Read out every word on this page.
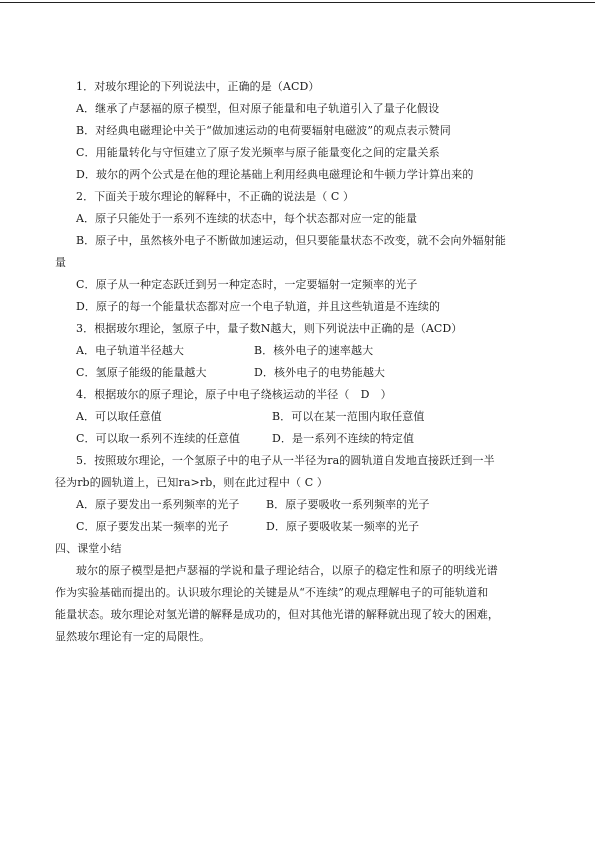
1．对玻尔理论的下列说法中，正确的是（ACD）
A．继承了卢瑟福的原子模型，但对原子能量和电子轨道引入了量子化假设
B．对经典电磁理论中关于“做加速运动的电荷要辐射电磁波”的观点表示赞同
C．用能量转化与守恒建立了原子发光频率与原子能量变化之间的定量关系
D．玻尔的两个公式是在他的理论基础上利用经典电磁理论和牛顿力学计算出来的
2．下面关于玻尔理论的解释中，不正确的说法是（ C ）
A．原子只能处于一系列不连续的状态中，每个状态都对应一定的能量
B．原子中，虽然核外电子不断做加速运动，但只要能量状态不改变，就不会向外辐射能
量
C．原子从一种定态跃迁到另一种定态时，一定要辐射一定频率的光子
D．原子的每一个能量状态都对应一个电子轨道，并且这些轨道是不连续的
3．根据玻尔理论，氢原子中，量子数N越大，则下列说法中正确的是（ACD）
A．电子轨道半径越大	B．核外电子的速率越大
C．氢原子能级的能量越大	D．核外电子的电势能越大
4．根据玻尔的原子理论，原子中电子绕核运动的半径（　D　）
A．可以取任意值	B．可以在某一范围内取任意值
C．可以取一系列不连续的任意值	D．是一系列不连续的特定值
5．按照玻尔理论，一个氢原子中的电子从一半径为ra的圆轨道自发地直接跃迁到一半
径为rb的圆轨道上，已知ra>rb，则在此过程中（ C ）
A．原子要发出一系列频率的光子 B．原子要吸收一系列频率的光子
C．原子要发出某一频率的光子	D．原子要吸收某一频率的光子
四、课堂小结
玻尔的原子模型是把卢瑟福的学说和量子理论结合，以原子的稳定性和原子的明线光谱
作为实验基础而提出的。认识玻尔理论的关键是从“不连续”的观点理解电子的可能轨道和
能量状态。玻尔理论对氢光谱的解释是成功的，但对其他光谱的解释就出现了较大的困难，
显然玻尔理论有一定的局限性。
